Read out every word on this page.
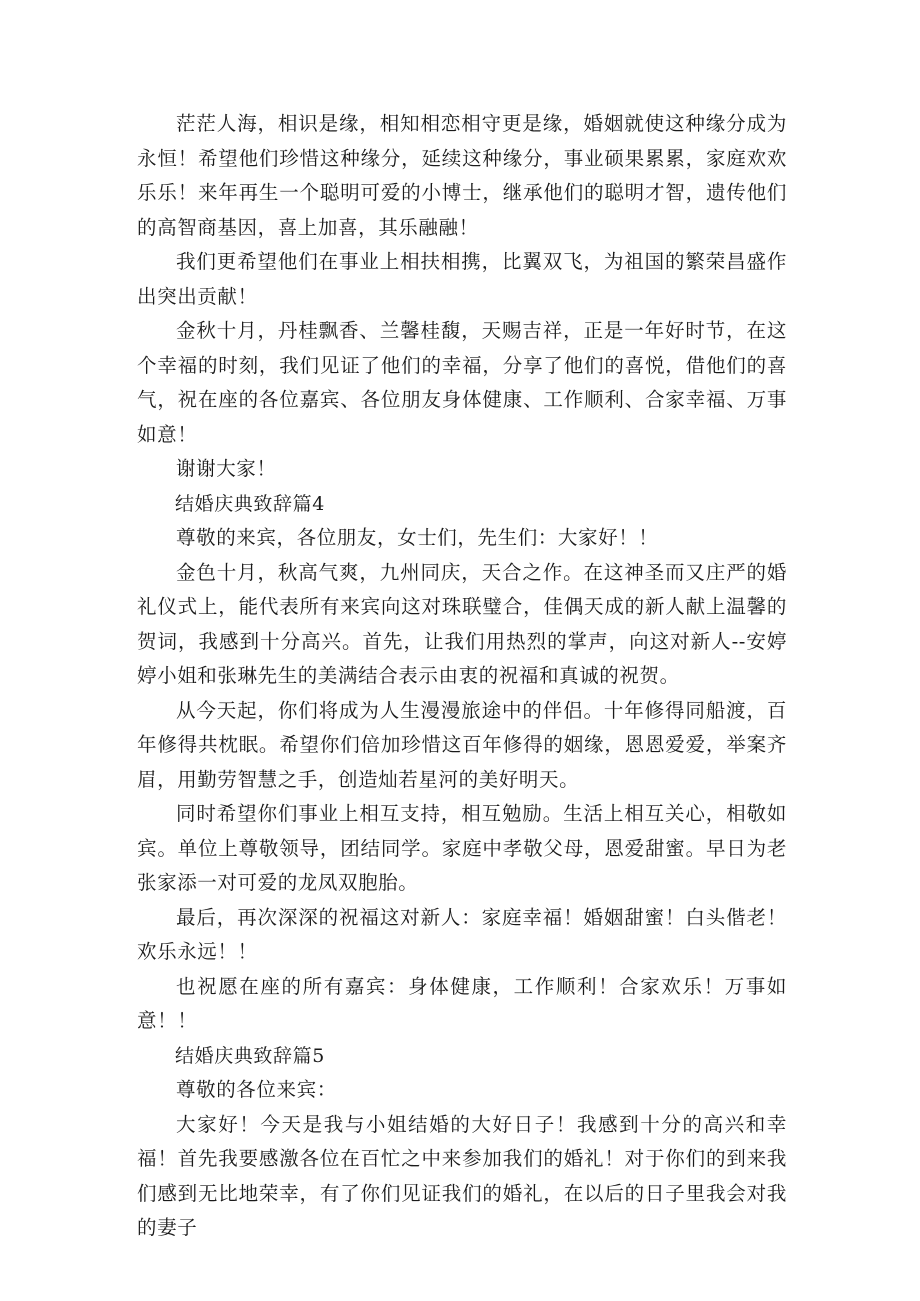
茫茫人海，相识是缘，相知相恋相守更是缘，婚姻就使这种缘分成为永恒！希望他们珍惜这种缘分，延续这种缘分，事业硕果累累，家庭欢欢乐乐！来年再生一个聪明可爱的小博士，继承他们的聪明才智，遗传他们的高智商基因，喜上加喜，其乐融融！

我们更希望他们在事业上相扶相携，比翼双飞，为祖国的繁荣昌盛作出突出贡献！

金秋十月，丹桂飘香、兰馨桂馥，天赐吉祥，正是一年好时节，在这个幸福的时刻，我们见证了他们的幸福，分享了他们的喜悦，借他们的喜气，祝在座的各位嘉宾、各位朋友身体健康、工作顺利、合家幸福、万事如意！

谢谢大家！

结婚庆典致辞篇4

尊敬的来宾，各位朋友，女士们，先生们：大家好！！

金色十月，秋高气爽，九州同庆，天合之作。在这神圣而又庄严的婚礼仪式上，能代表所有来宾向这对珠联璧合，佳偶天成的新人献上温馨的贺词，我感到十分高兴。首先，让我们用热烈的掌声，向这对新人--安婷婷小姐和张琳先生的美满结合表示由衷的祝福和真诚的祝贺。

从今天起，你们将成为人生漫漫旅途中的伴侣。十年修得同船渡，百年修得共枕眠。希望你们倍加珍惜这百年修得的姻缘，恩恩爱爱，举案齐眉，用勤劳智慧之手，创造灿若星河的美好明天。

同时希望你们事业上相互支持，相互勉励。生活上相互关心，相敬如宾。单位上尊敬领导，团结同学。家庭中孝敬父母，恩爱甜蜜。早日为老张家添一对可爱的龙凤双胞胎。

最后，再次深深的祝福这对新人：家庭幸福！婚姻甜蜜！白头偕老！欢乐永远！！

也祝愿在座的所有嘉宾：身体健康，工作顺利！合家欢乐！万事如意！！

结婚庆典致辞篇5

尊敬的各位来宾：

大家好！今天是我与小姐结婚的大好日子！我感到十分的高兴和幸福！首先我要感激各位在百忙之中来参加我们的婚礼！对于你们的到来我们感到无比地荣幸，有了你们见证我们的婚礼，在以后的日子里我会对我的妻子
